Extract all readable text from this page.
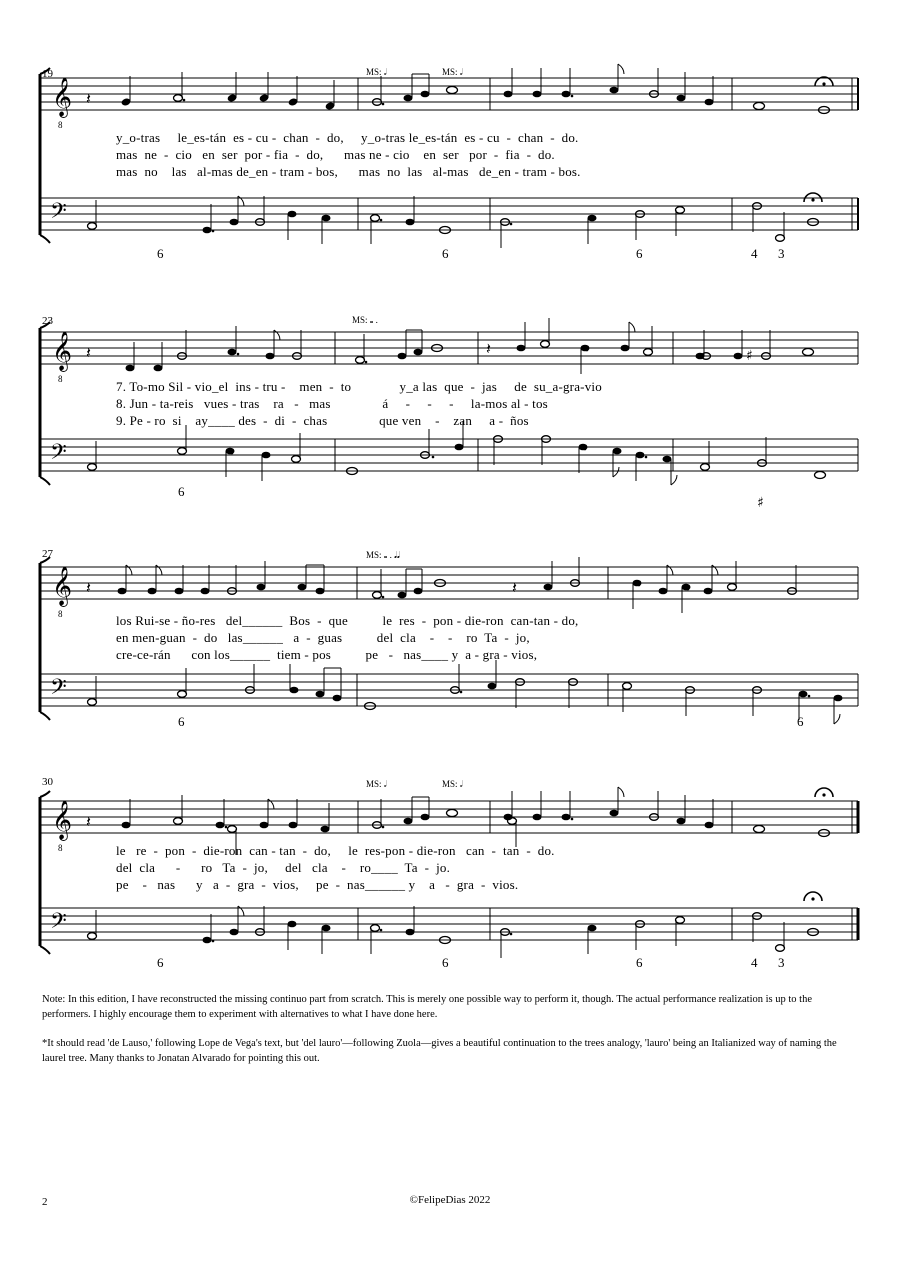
19	MS: 𝅗𝅥	MS: 𝅗𝅥
𝄞
8
𝄢
𝄽
y_o-tras     le_es-tán  es - cu -  chan  -  do,     y_o-tras le_es-tán  es - cu  -  chan  -  do.
mas  ne  -  cio   en  ser  por - fia  -  do,      mas ne - cio    en  ser   por  -  fia  -  do.
mas  no    las   al-mas de_en - tram - bos,      mas  no  las   al-mas   de_en - tram - bos.
6	6	6	4 3
23	MS: 𝅝 .
𝄞
8
𝄢
𝄽	𝄽	♯
♯
7. To-mo Sil - vio_el  ins - tru -    men  -  to              y_a las  que  -  jas     de  su_a-gra-vio
8. Jun - ta-reis   vues - tras    ra   -   mas               á     -     -     -     la-mos al - tos
9. Pe - ro  si    ay____ des  -  di  -  chas               que ven    -    zan     a -  ños
6
27	MS: 𝅝 . 𝅘𝅥𝅘𝅥
𝄞
8
𝄢
𝄽	𝄽
los Rui-se - ño-res   del______  Bos  -  que          le  res  -  pon - die-ron  can-tan - do,
en men-guan  -  do   las______   a  -  guas          del  cla    -    -    ro  Ta  -  jo,
cre-ce-rán      con los______  tiem - pos          pe   -   nas____ y  a - gra - vios,
6	6
30	MS: 𝅗𝅥	MS: 𝅗𝅥
𝄞
8
𝄢
𝄽
le   re  -  pon  -  die-ron  can - tan  -  do,     le  res-pon - die-ron   can  -  tan  -  do.
del  cla      -      ro   Ta  -  jo,     del   cla    -    ro____  Ta  -  jo.
pe    -   nas      y   a  -  gra  -  vios,     pe  -  nas______ y    a   -  gra  -  vios.
6	6	6	4 3
Note: In this edition, I have reconstructed the missing continuo part from scratch. This is merely one possible way to perform it, though. The actual performance realization is up to the performers. I highly encourage them to experiment with alternatives to what I have done here.
*It should read 'de Lauso,' following Lope de Vega's text, but 'del lauro'—following Zuola—gives a beautiful continuation to the trees analogy, 'lauro' being an Italianized way of naming the laurel tree. Many thanks to Jonatan Alvarado for pointing this out.
2	©FelipeDias 2022
